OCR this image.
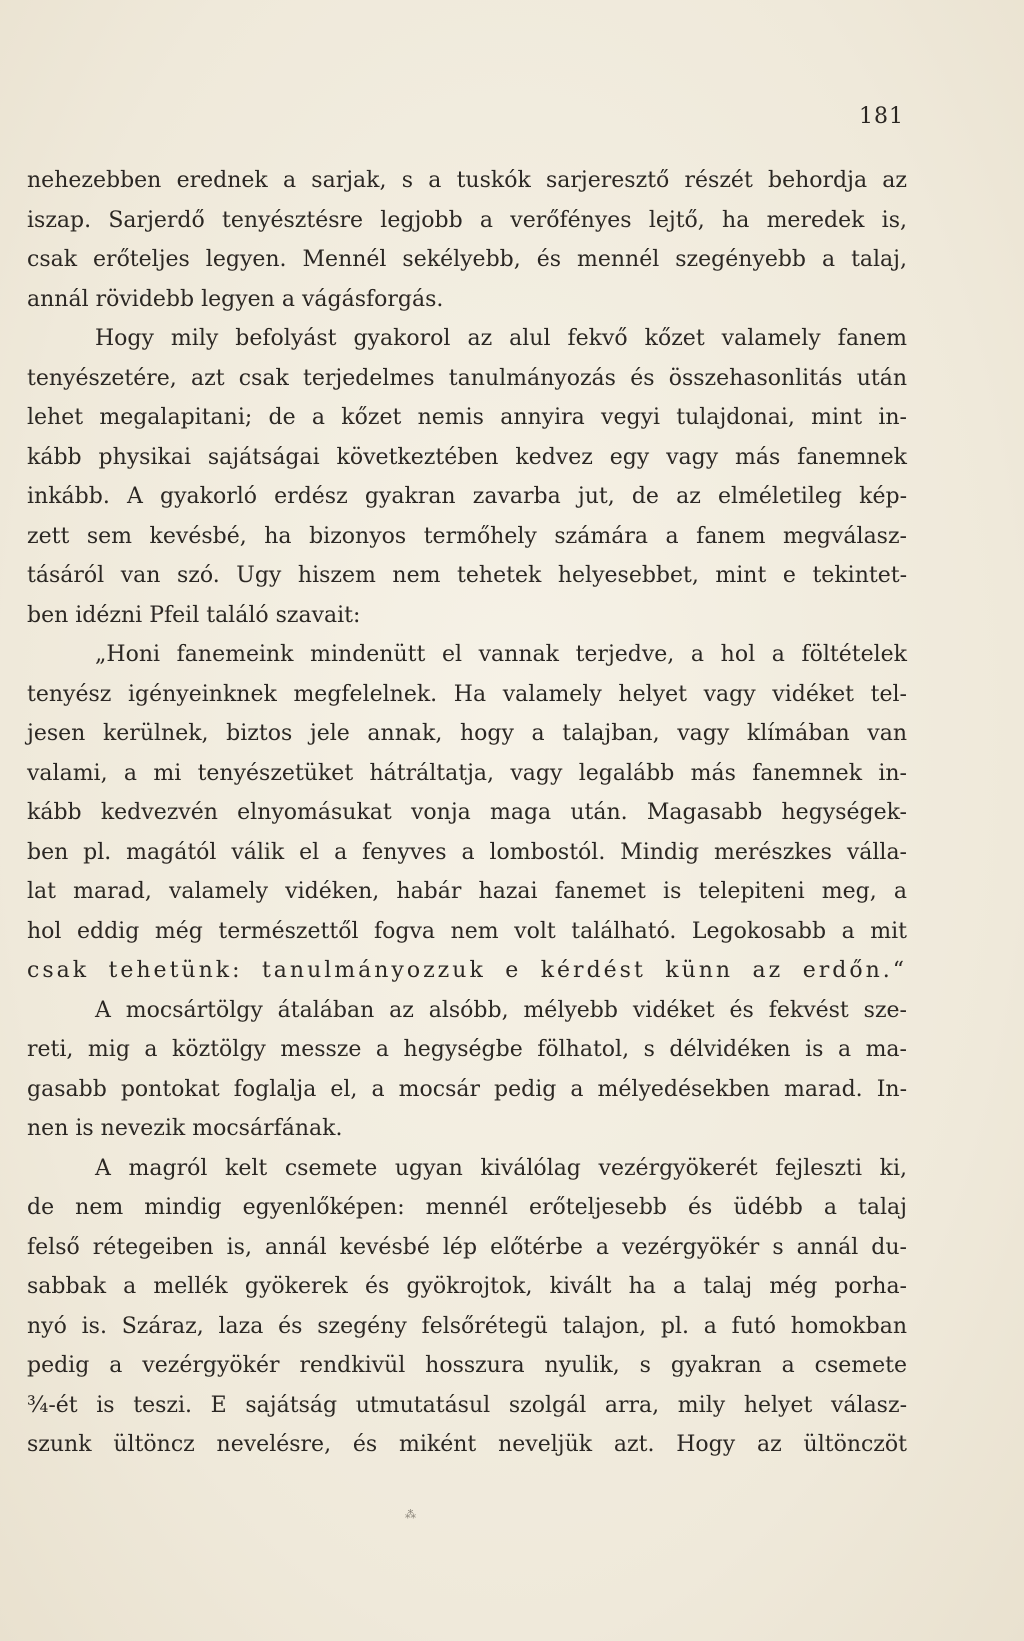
181
nehezebben erednek a sarjak, s a tuskók sarjeresztő részét behordja az
iszap. Sarjerdő tenyésztésre legjobb a verőfényes lejtő, ha meredek is,
csak erőteljes legyen. Mennél sekélyebb, és mennél szegényebb a talaj,
annál rövidebb legyen a vágásforgás.
Hogy mily befolyást gyakorol az alul fekvő kőzet valamely fanem
tenyészetére, azt csak terjedelmes tanulmányozás és összehasonlitás után
lehet megalapitani; de a kőzet nemis annyira vegyi tulajdonai, mint in-
kább physikai sajátságai következtében kedvez egy vagy más fanemnek
inkább. A gyakorló erdész gyakran zavarba jut, de az elméletileg kép-
zett sem kevésbé, ha bizonyos termőhely számára a fanem megválasz-
tásáról van szó. Ugy hiszem nem tehetek helyesebbet, mint e tekintet-
ben idézni Pfeil találó szavait:
„Honi fanemeink mindenütt el vannak terjedve, a hol a föltételek
tenyész igényeinknek megfelelnek. Ha valamely helyet vagy vidéket tel-
jesen kerülnek, biztos jele annak, hogy a talajban, vagy klímában van
valami, a mi tenyészetüket hátráltatja, vagy legalább más fanemnek in-
kább kedvezvén elnyomásukat vonja maga után. Magasabb hegységek-
ben pl. magától válik el a fenyves a lombostól. Mindig merészkes válla-
lat marad, valamely vidéken, habár hazai fanemet is telepiteni meg, a
hol eddig még természettől fogva nem volt található. Legokosabb a mit
csak tehetünk: tanulmányozzuk e kérdést künn az erdőn.“
A mocsártölgy átalában az alsóbb, mélyebb vidéket és fekvést sze-
reti, mig a köztölgy messze a hegységbe fölhatol, s délvidéken is a ma-
gasabb pontokat foglalja el, a mocsár pedig a mélyedésekben marad. In-
nen is nevezik mocsárfának.
A magról kelt csemete ugyan kiválólag vezérgyökerét fejleszti ki,
de nem mindig egyenlőképen: mennél erőteljesebb és üdébb a talaj
felső rétegeiben is, annál kevésbé lép előtérbe a vezérgyökér s annál du-
sabbak a mellék gyökerek és gyökrojtok, kivált ha a talaj még porha-
nyó is. Száraz, laza és szegény felsőrétegü talajon, pl. a futó homokban
pedig a vezérgyökér rendkivül hosszura nyulik, s gyakran a csemete
¾-ét is teszi. E sajátság utmutatásul szolgál arra, mily helyet válasz-
szunk ültöncz nevelésre, és miként neveljük azt. Hogy az ültönczöt
⁂
